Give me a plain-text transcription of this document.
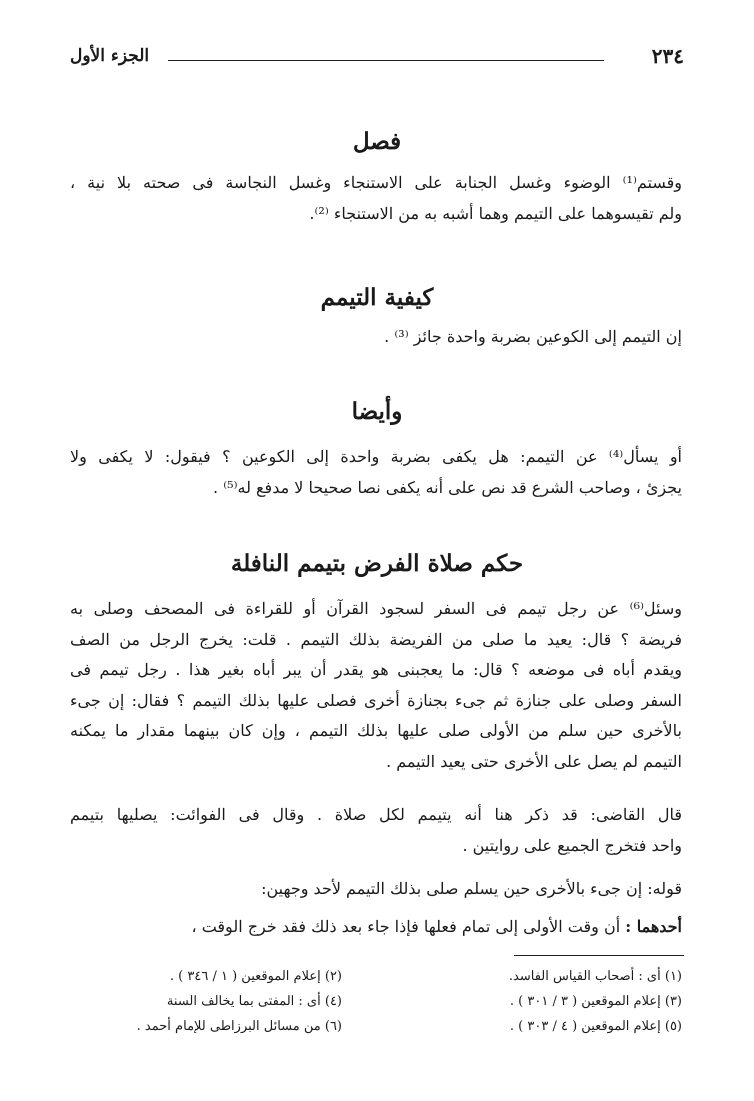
٢٣٤
الجزء الأول
فصل
وقستم⁽¹⁾ الوضوء وغسل الجنابة على الاستنجاء وغسل النجاسة فى صحته بلا نية ،
ولم تقيسوهما على التيمم وهما أشبه به من الاستنجاء ⁽²⁾.
كيفية التيمم
إن التيمم إلى الكوعين بضربة واحدة جائز ⁽³⁾ .
وأيضا
أو يسأل⁽⁴⁾ عن التيمم: هل يكفى بضربة واحدة إلى الكوعين ؟ فيقول: لا يكفى ولا
يجزئ ، وصاحب الشرع قد نص على أنه يكفى نصا صحيحا لا مدفع له⁽⁵⁾ .
حكم صلاة الفرض بتيمم النافلة
وسئل⁽⁶⁾ عن رجل تيمم فى السفر لسجود القرآن أو للقراءة فى المصحف وصلى به
فريضة ؟ قال: يعيد ما صلى من الفريضة بذلك التيمم . قلت: يخرج الرجل من الصف
ويقدم أباه فى موضعه ؟ قال: ما يعجبنى هو يقدر أن يبر أباه بغير هذا . رجل تيمم فى
السفر وصلى على جنازة ثم جىء بجنازة أخرى فصلى عليها بذلك التيمم ؟ فقال: إن جىء
بالأخرى حين سلم من الأولى صلى عليها بذلك التيمم ، وإن كان بينهما مقدار ما يمكنه
التيمم لم يصل على الأخرى حتى يعيد التيمم .
قال القاضى: قد ذكر هنا أنه يتيمم لكل صلاة . وقال فى الفوائت: يصليها بتيمم
واحد فتخرج الجميع على روايتين .
قوله: إن جىء بالأخرى حين يسلم صلى بذلك التيمم لأحد وجهين:
أحدهما : أن وقت الأولى إلى تمام فعلها فإذا جاء بعد ذلك فقد خرج الوقت ،
(١) أى : أصحاب القياس الفاسد.
(٣) إعلام الموقعين ( ٣ / ٣٠١ ) .
(٥) إعلام الموقعين ( ٤ / ٣٠٣ ) .
(٢) إعلام الموقعين ( ١ / ٣٤٦ ) .
(٤) أى : المفتى بما يخالف السنة
(٦) من مسائل البرزاطى للإمام أحمد .
